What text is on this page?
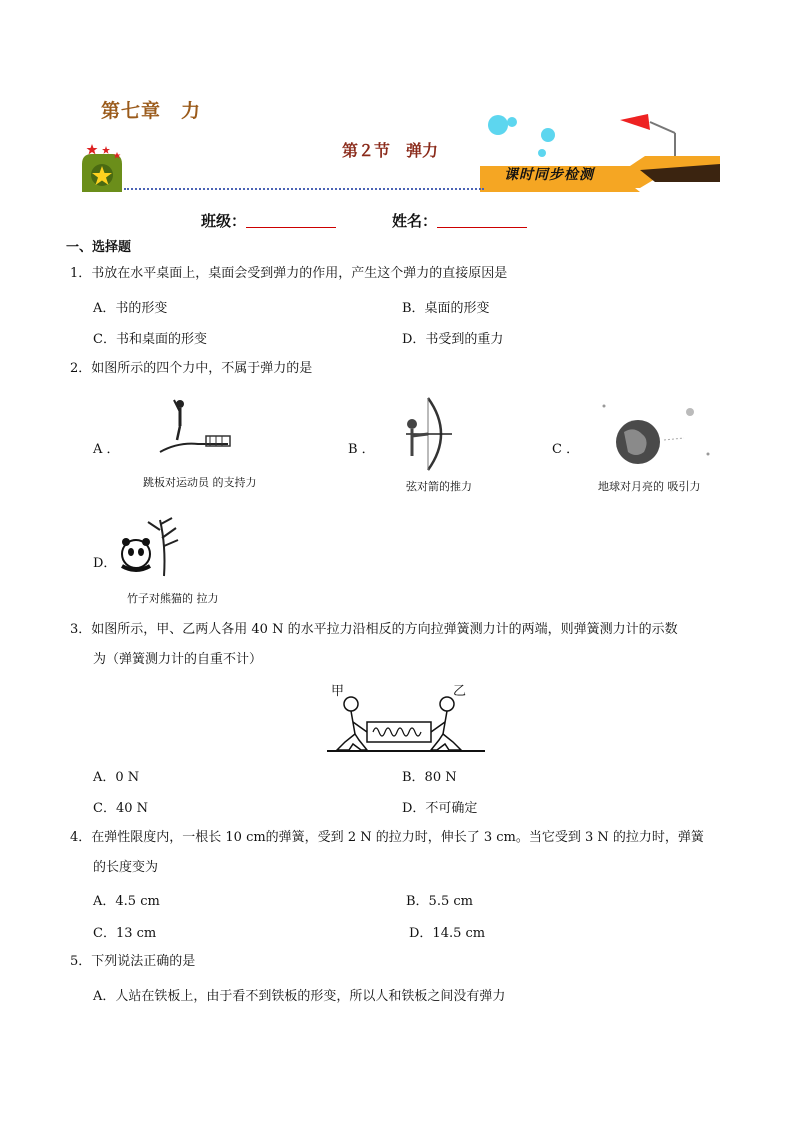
第七章　力
课时同步检测
第２节　弹力
班级：	姓名：
一、选择题
1．书放在水平桌面上，桌面会受到弹力的作用，产生这个弹力的直接原因是
A．书的形变	B．桌面的形变
C．书和桌面的形变	D．书受到的重力
2．如图所示的四个力中，不属于弹力的是
A ．
跳板对运动员 的支持力
B ．
弦对箭的推力
C ．
地球对月亮的 吸引力
D．
竹子对熊猫的 拉力
3．如图所示，甲、乙两人各用 40 N 的水平拉力沿相反的方向拉弹簧测力计的两端，则弹簧测力计的示数
为（弹簧测力计的自重不计）
甲	乙
A．0 N	B．80 N
C．40 N	D．不可确定
4．在弹性限度内，一根长 10 cm的弹簧，受到 2 N 的拉力时，伸长了 3 cm。当它受到 3 N 的拉力时，弹簧
的长度变为
A．4.5 cm	B．5.5 cm
C．13 cm	D．14.5 cm
5．下列说法正确的是
A．人站在铁板上，由于看不到铁板的形变，所以人和铁板之间没有弹力
